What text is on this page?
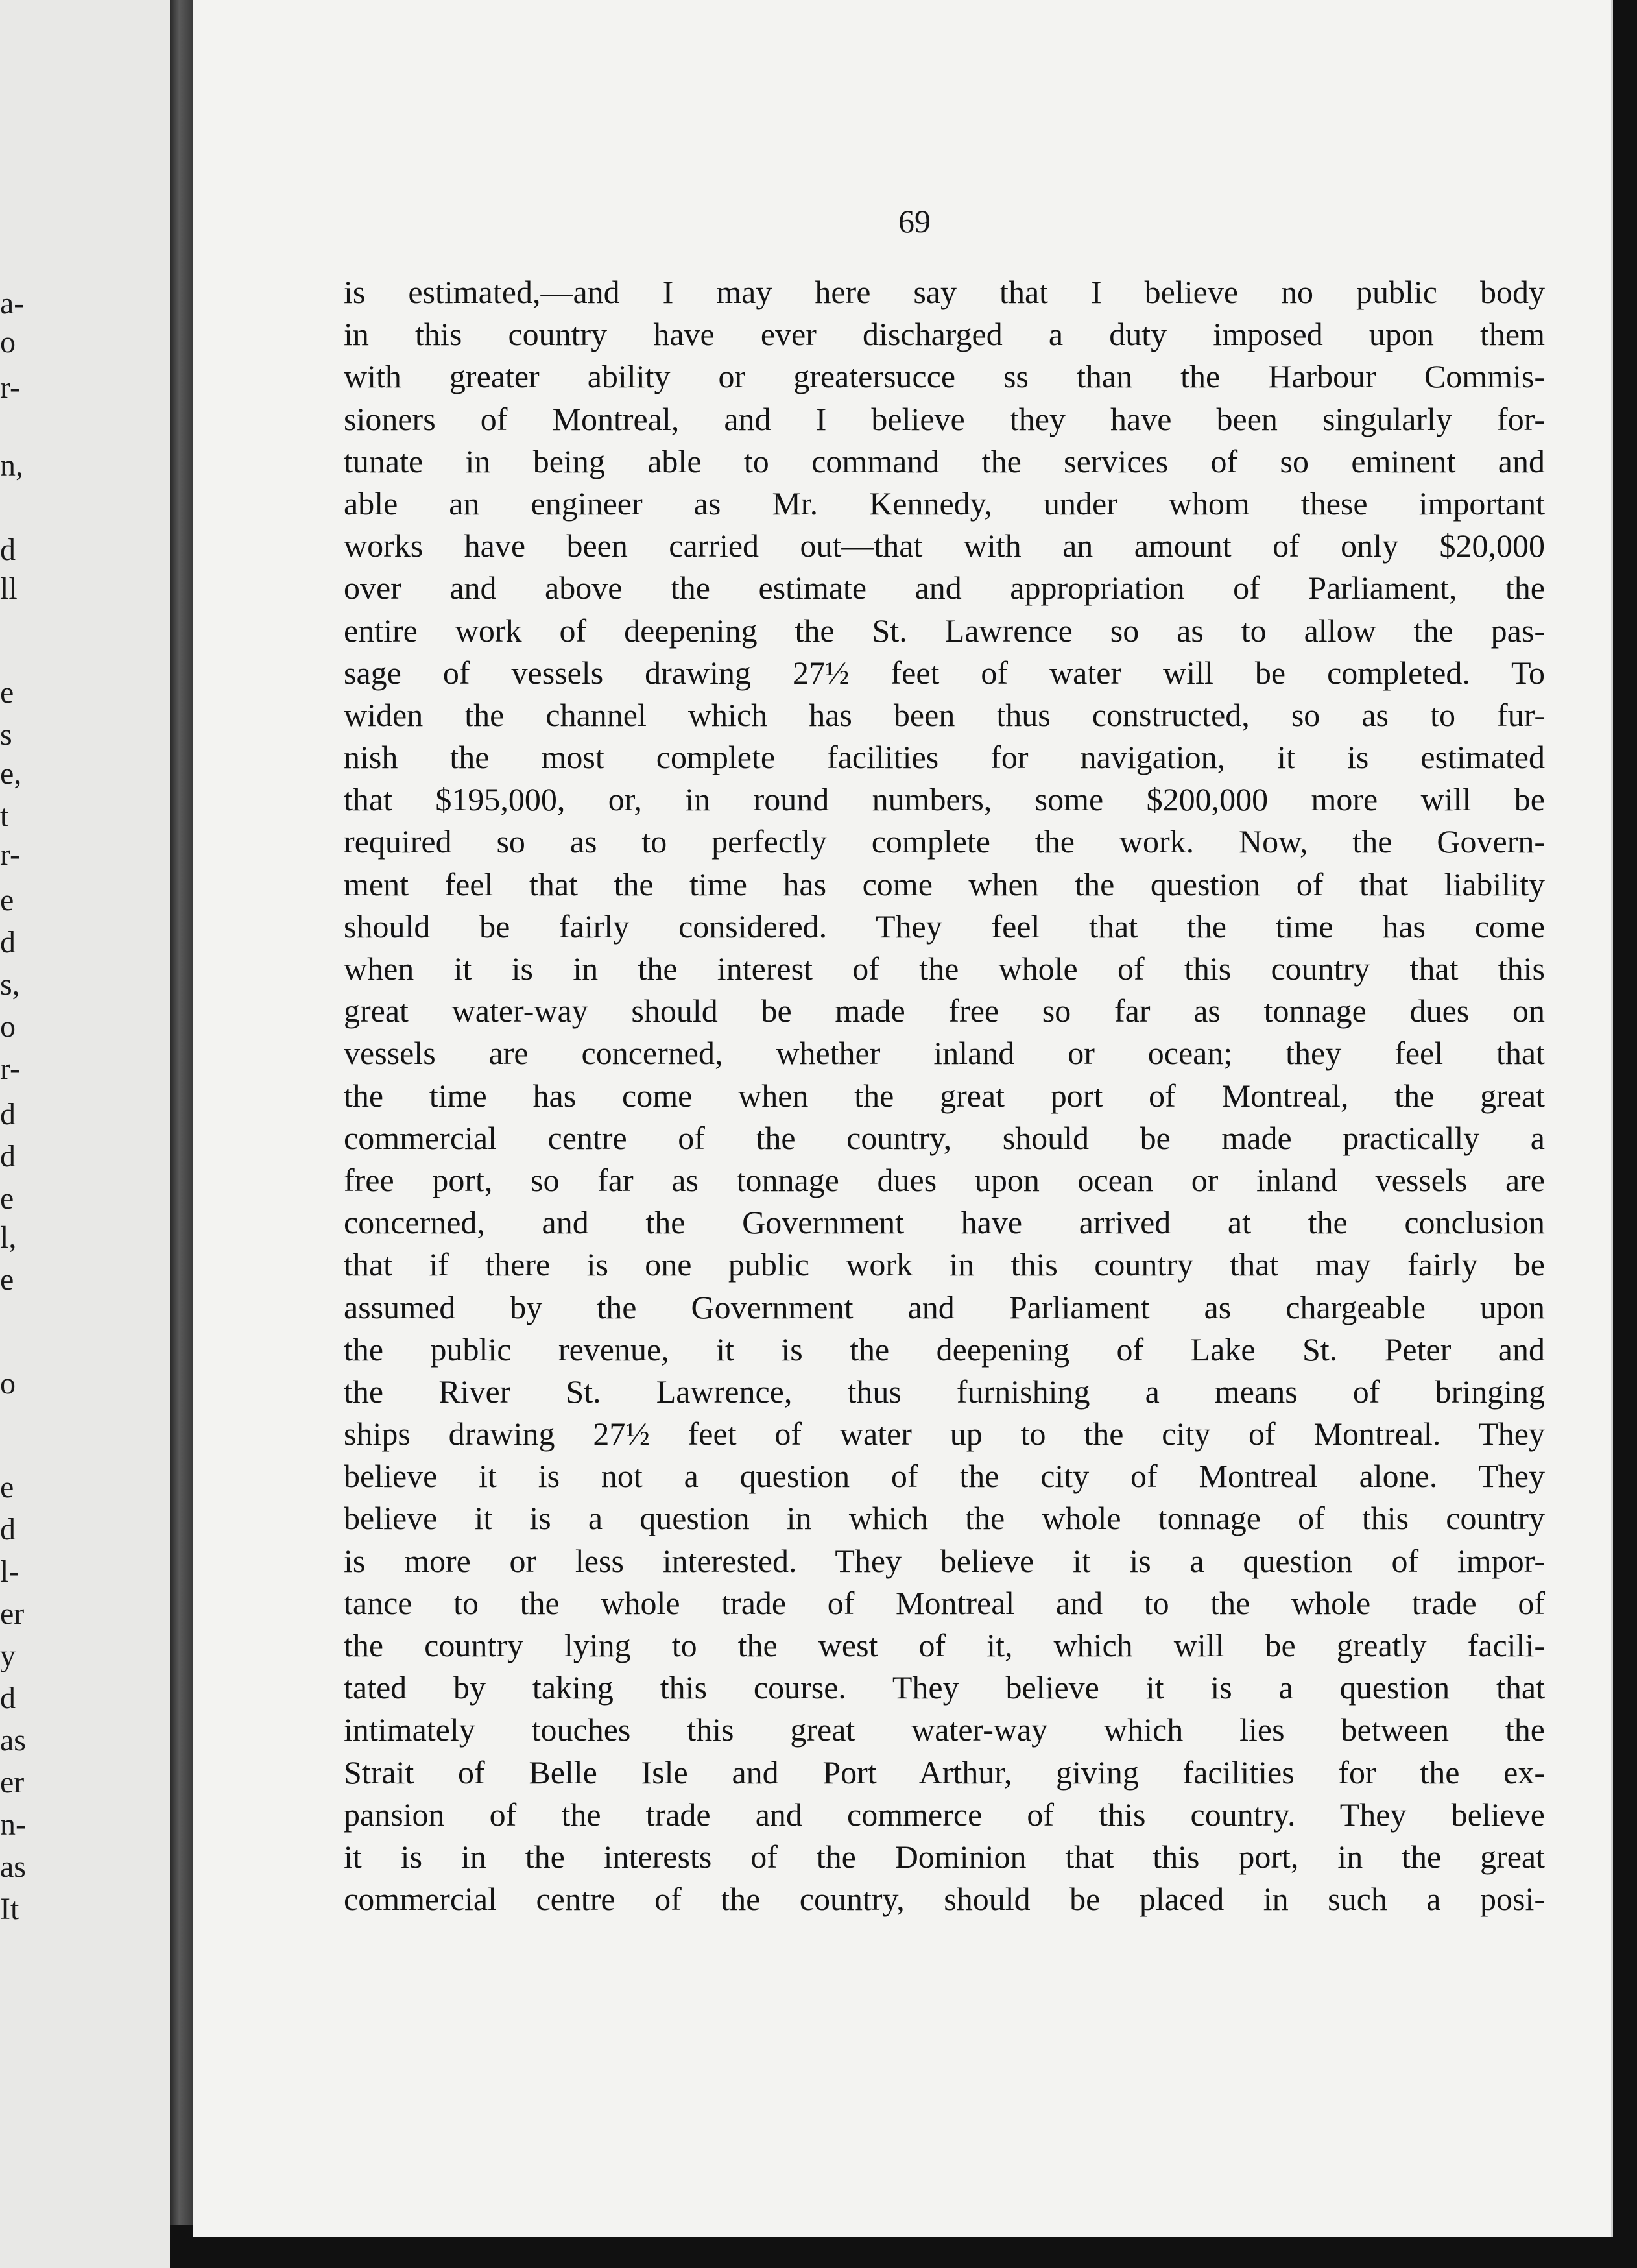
a-
o
r-
n,
d
ll
e
s
e,
t
r-
e
d
s,
o
r-
d
d
e
l,
e
o
e
d
l-
er
y
d
as
er
n-
as
It
69
is estimated,—and I may here say that I believe no public body
in this country have ever discharged a duty imposed upon them
with greater ability or greatersucce ss than the Harbour Commis-
sioners of Montreal, and I believe they have been singularly for-
tunate in being able to command the services of so eminent and
able an engineer as Mr. Kennedy, under whom these important
works have been carried out—that with an amount of only $20,000
over and above the estimate and appropriation of Parliament, the
entire work of deepening the St. Lawrence so as to allow the pas-
sage of vessels drawing 27½ feet of water will be completed. To
widen the channel which has been thus constructed, so as to fur-
nish the most complete facilities for navigation, it is estimated
that $195,000, or, in round numbers, some $200,000 more will be
required so as to perfectly complete the work. Now, the Govern-
ment feel that the time has come when the question of that liability
should be fairly considered. They feel that the time has come
when it is in the interest of the whole of this country that this
great water-way should be made free so far as tonnage dues on
vessels are concerned, whether inland or ocean; they feel that
the time has come when the great port of Montreal, the great
commercial centre of the country, should be made practically a
free port, so far as tonnage dues upon ocean or inland vessels are
concerned, and the Government have arrived at the conclusion
that if there is one public work in this country that may fairly be
assumed by the Government and Parliament as chargeable upon
the public revenue, it is the deepening of Lake St. Peter and
the River St. Lawrence, thus furnishing a means of bringing
ships drawing 27½ feet of water up to the city of Montreal. They
believe it is not a question of the city of Montreal alone. They
believe it is a question in which the whole tonnage of this country
is more or less interested. They believe it is a question of impor-
tance to the whole trade of Montreal and to the whole trade of
the country lying to the west of it, which will be greatly facili-
tated by taking this course. They believe it is a question that
intimately touches this great water-way which lies between the
Strait of Belle Isle and Port Arthur, giving facilities for the ex-
pansion of the trade and commerce of this country. They believe
it is in the interests of the Dominion that this port, in the great
commercial centre of the country, should be placed in such a posi-
